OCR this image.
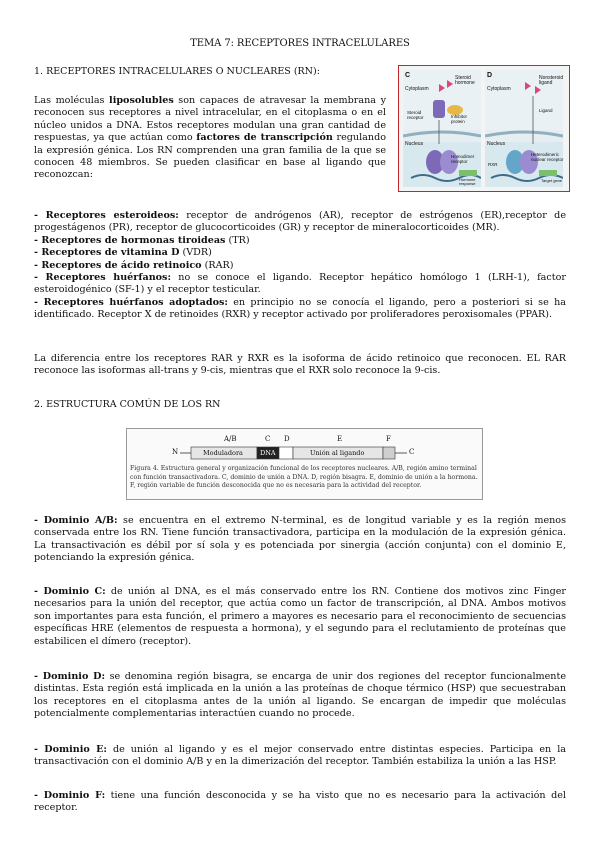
TEMA 7: RECEPTORES INTRACELULARES
1. RECEPTORES INTRACELULARES O NUCLEARES (RN):

Las moléculas liposolubles son capaces de atravesar la membrana y reconocen sus receptores a nivel intracelular, en el citoplasma o en el núcleo unidos a DNA. Estos receptores modulan una gran cantidad de respuestas, ya que actúan como factores de transcripción regulando la expresión génica. Los RN comprenden una gran familia de la que se conocen 48 miembros. Se pueden clasificar en base al ligando que reconozcan:

C	D
Steroid hormone
Nonsteroid ligand
Cytoplasm	Cytoplasm
Nucleus	Nucleus
Steroid receptor	Inhibitor protein
Homodimer receptor
Hormone response
Heterodimeric nuclear receptor
Target gene
RXR
Ligand

- Receptores esteroideos: receptor de andrógenos (AR), receptor de estrógenos (ER),receptor de progestágenos (PR), receptor de glucocorticoides (GR) y receptor de mineralocorticoides (MR).

- Receptores de hormonas tiroideas (TR)

- Receptores de vitamina D (VDR)

- Receptores de ácido retinoico (RAR)

- Receptores huérfanos: no se conoce el ligando. Receptor hepático homólogo 1 (LRH-1), factor esteroidogénico (SF-1) y el receptor testicular.

- Receptores huérfanos adoptados: en principio no se conocía el ligando, pero a posteriori si se ha identificado. Receptor X de retinoides (RXR) y receptor activado por proliferadores peroxisomales (PPAR).

La diferencia entre los receptores RAR y RXR es la isoforma de ácido retinoico que reconocen. EL RAR reconoce las isoformas all-trans y 9-cis, mientras que el RXR solo reconoce la 9-cis.

2. ESTRUCTURA COMÚN DE LOS RN
A/B	C D	E	F
N	C
Moduladora	DNA	Unión al ligando
Figura 4. Estructura general y organización funcional de los receptores nucleares. A/B, región amino terminal con función transactivadora. C, dominio de unión a DNA. D, región bisagra. E, dominio de unión a la hormona. F, región variable de función desconocida que no es necesaria para la actividad del receptor.

- Dominio A/B: se encuentra en el extremo N-terminal, es de longitud variable y es la región menos conservada entre los RN. Tiene función transactivadora, participa en la modulación de la expresión génica. La transactivación es débil por sí sola y es potenciada por sinergia (acción conjunta) con el dominio E, potenciando la expresión génica.

- Dominio C: de unión al DNA, es el más conservado entre los RN. Contiene dos motivos zinc Finger necesarios para la unión del receptor, que actúa como un factor de transcripción, al DNA. Ambos motivos son importantes para esta función, el primero a mayores es necesario para el reconocimiento de secuencias específicas HRE (elementos de respuesta a hormona), y el segundo para el reclutamiento de proteínas que estabilicen el dímero (receptor).

- Dominio D: se denomina región bisagra, se encarga de unir dos regiones del receptor funcionalmente distintas. Esta región está implicada en la unión a las proteínas de choque térmico (HSP) que secuestraban los receptores en el citoplasma antes de la unión al ligando. Se encargan de impedir que moléculas potencialmente complementarias interactúen cuando no procede.

- Dominio E: de unión al ligando y es el mejor conservado entre distintas especies. Participa en la transactivación con el dominio A/B y en la dimerización del receptor. También estabiliza la unión a las HSP.

- Dominio F: tiene una función desconocida y se ha visto que no es necesario para la activación del receptor.
